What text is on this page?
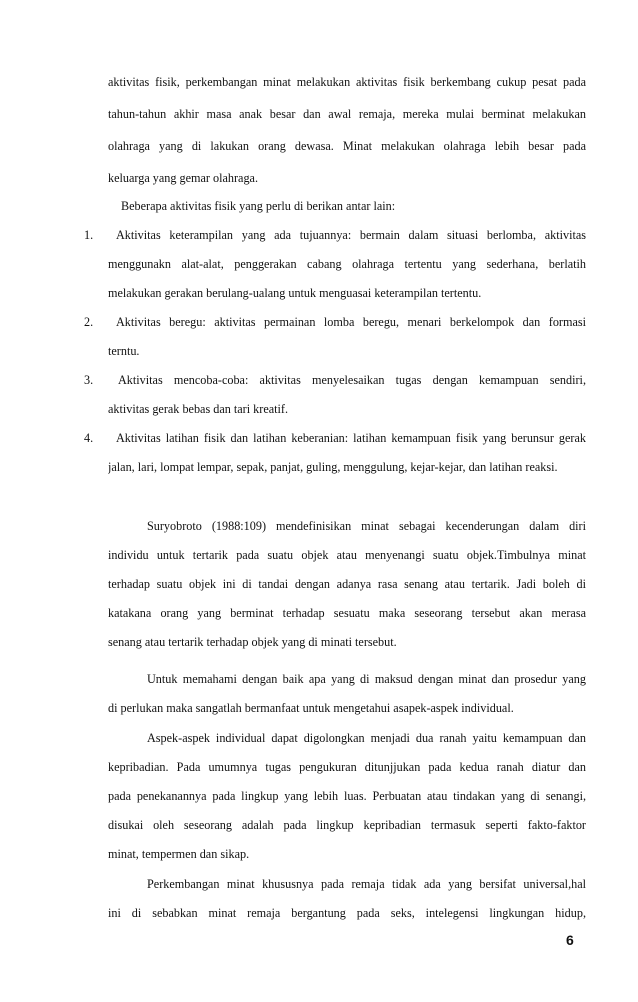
aktivitas fisik, perkembangan minat melakukan aktivitas fisik berkembang cukup pesat pada
tahun-tahun akhir masa anak besar dan awal remaja, mereka mulai berminat melakukan
olahraga yang di lakukan orang dewasa. Minat melakukan olahraga lebih besar pada
keluarga yang gemar olahraga.
Beberapa aktivitas fisik yang perlu di berikan antar lain:
1. Aktivitas keterampilan yang ada tujuannya: bermain dalam situasi berlomba, aktivitas
menggunakn alat-alat, penggerakan cabang olahraga tertentu yang sederhana, berlatih
melakukan gerakan berulang-ualang untuk menguasai keterampilan tertentu.
2. Aktivitas beregu: aktivitas permainan lomba beregu, menari berkelompok dan formasi
terntu.
3. Aktivitas mencoba-coba: aktivitas menyelesaikan tugas dengan kemampuan sendiri,
aktivitas gerak bebas dan tari kreatif.
4. Aktivitas latihan fisik dan latihan keberanian: latihan kemampuan fisik yang berunsur gerak
jalan, lari, lompat lempar, sepak, panjat, guling, menggulung, kejar-kejar, dan latihan reaksi.
Suryobroto (1988:109) mendefinisikan minat sebagai kecenderungan dalam diri
individu untuk tertarik pada suatu objek atau menyenangi suatu objek.Timbulnya minat
terhadap suatu objek ini di tandai dengan adanya rasa senang atau tertarik. Jadi boleh di
katakana orang yang berminat terhadap sesuatu maka seseorang tersebut akan merasa
senang atau tertarik terhadap objek yang di minati tersebut.
Untuk memahami dengan baik apa yang di maksud dengan minat dan prosedur yang
di perlukan maka sangatlah bermanfaat untuk mengetahui asapek-aspek individual.
Aspek-aspek individual dapat digolongkan menjadi dua ranah yaitu kemampuan dan
kepribadian. Pada umumnya tugas pengukuran ditunjjukan pada kedua ranah diatur dan
pada penekanannya pada lingkup yang lebih luas. Perbuatan atau tindakan yang di senangi,
disukai oleh seseorang adalah pada lingkup kepribadian termasuk seperti fakto-faktor
minat, tempermen dan sikap.
Perkembangan minat khususnya pada remaja tidak ada yang bersifat universal,hal
ini di sebabkan minat remaja bergantung pada seks, intelegensi lingkungan hidup,
6
